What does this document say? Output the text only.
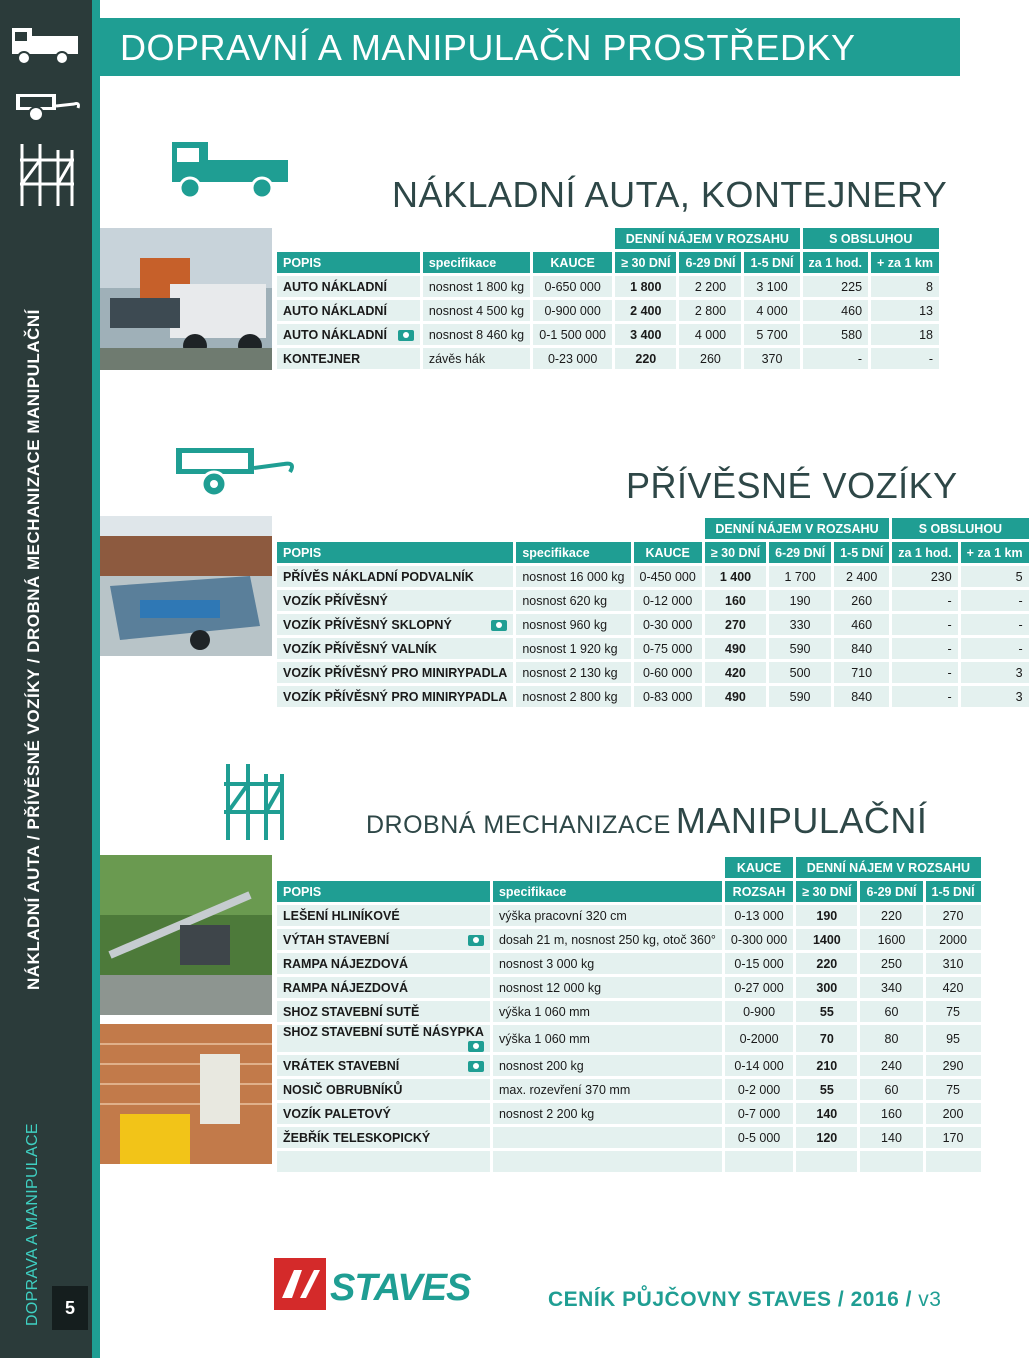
NÁKLADNÍ AUTA / PŘÍVĚSNÉ VOZÍKY / DROBNÁ MECHANIZACE MANIPULAČNÍ
DOPRAVA A MANIPULACE	5
DOPRAVNÍ A MANIPULAČN PROSTŘEDKY
NÁKLADNÍ AUTA, KONTEJNERY
			DENNÍ NÁJEM V ROZSAHU			S OBSLUHOU	
POPIS	specifikace	KAUCE	≥ 30 DNÍ	6-29 DNÍ	1-5 DNÍ	za 1 hod.	+ za 1 km
AUTO NÁKLADNÍ	nosnost 1 800 kg	0-650 000	1 800	2 200	3 100	225	8
AUTO NÁKLADNÍ	nosnost 4 500 kg	0-900 000	2 400	2 800	4 000	460	13
AUTO NÁKLADNÍ	nosnost 8 460 kg	0-1 500 000	3 400	4 000	5 700	580	18
KONTEJNER	závěs hák	0-23 000	220	260	370	-	-
PŘÍVĚSNÉ VOZÍKY
			DENNÍ NÁJEM V ROZSAHU			S OBSLUHOU	
POPIS	specifikace	KAUCE	≥ 30 DNÍ	6-29 DNÍ	1-5 DNÍ	za 1 hod.	+ za 1 km
PŘÍVĚS NÁKLADNÍ PODVALNÍK	nosnost 16 000 kg	0-450 000	1 400	1 700	2 400	230	5
VOZÍK PŘÍVĚSNÝ	nosnost 620 kg	0-12 000	160	190	260	-	-
VOZÍK PŘÍVĚSNÝ SKLOPNÝ	nosnost 960 kg	0-30 000	270	330	460	-	-
VOZÍK PŘÍVĚSNÝ VALNÍK	nosnost 1 920 kg	0-75 000	490	590	840	-	-
VOZÍK PŘÍVĚSNÝ PRO MINIRYPADLA	nosnost 2 130 kg	0-60 000	420	500	710	-	3
VOZÍK PŘÍVĚSNÝ PRO MINIRYPADLA	nosnost 2 800 kg	0-83 000	490	590	840	-	3
DROBNÁ MECHANIZACE MANIPULAČNÍ
		KAUCE	DENNÍ NÁJEM V ROZSAHU		
POPIS	specifikace	ROZSAH	≥ 30 DNÍ	6-29 DNÍ	1-5 DNÍ
LEŠENÍ HLINÍKOVÉ	výška pracovní 320 cm	0-13 000	190	220	270
VÝTAH STAVEBNÍ	dosah 21 m, nosnost 250 kg, otoč 360°	0-300 000	1400	1600	2000
RAMPA NÁJEZDOVÁ	nosnost 3 000 kg	0-15 000	220	250	310
RAMPA NÁJEZDOVÁ	nosnost 12 000 kg	0-27 000	300	340	420
SHOZ STAVEBNÍ SUTĚ	výška 1 060 mm	0-900	55	60	75
SHOZ STAVEBNÍ SUTĚ NÁSYPKA	výška 1 060 mm	0-2000	70	80	95
VRÁTEK STAVEBNÍ	nosnost 200 kg	0-14 000	210	240	290
NOSIČ OBRUBNÍKŮ	max. rozevření 370 mm	0-2 000	55	60	75
VOZÍK PALETOVÝ	nosnost 2 200 kg	0-7 000	140	160	200
ŽEBŘÍK TELESKOPICKÝ		0-5 000	120	140	170

STAVES	CENÍK PŮJČOVNY STAVES / 2016 / v3
